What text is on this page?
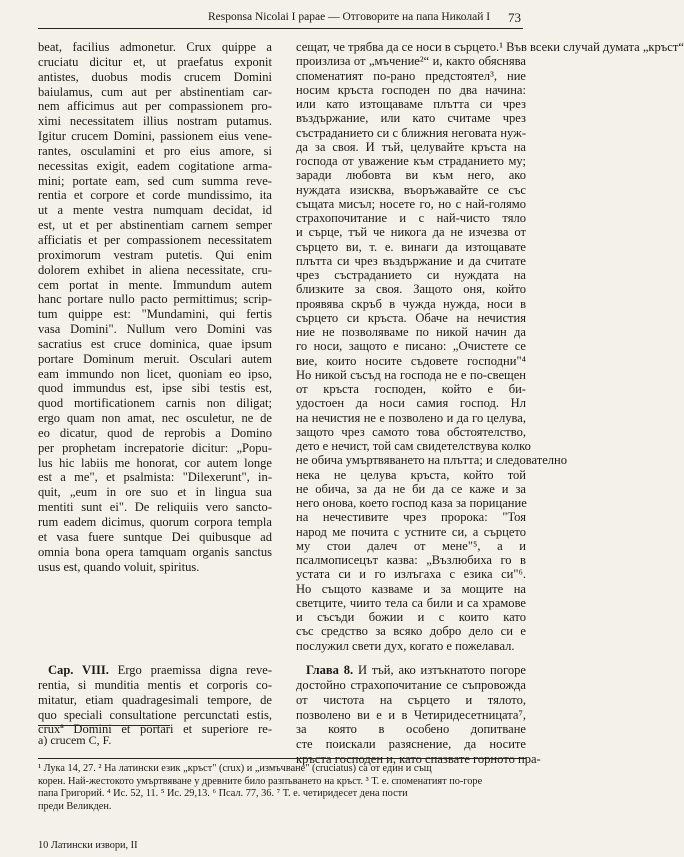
Responsa Nicolai I papae — Отговорите на папа Николай I 73
beat, facilius admonetur. Crux quippe a
cruciatu dicitur et, ut praefatus exponit
antistes, duobus modis crucem Domini
baiulamus, cum aut per abstinentiam car-
nem afficimus aut per compassionem pro-
ximi necessitatem illius nostram putamus.
Igitur crucem Domini, passionem eius vene-
rantes, osculamini et pro eius amore, si
necessitas exigit, eadem cogitatione arma-
mini; portate eam, sed cum summa reve-
rentia et corpore et corde mundissimo, ita
ut a mente vestra numquam decidat, id
est, ut et per abstinentiam carnem semper
afficiatis et per compassionem necessitatem
proximorum vestram putetis. Qui enim
dolorem exhibet in aliena necessitate, cru-
cem portat in mente. Immundum autem
hanc portare nullo pacto permittimus; scrip-
tum quippe est: "Mundamini, qui fertis
vasa Domini". Nullum vero Domini vas
sacratius est cruce dominica, quae ipsum
portare Dominum meruit. Osculari autem
eam immundo non licet, quoniam eo ipso,
quod immundus est, ipse sibi testis est,
quod mortificationem carnis non diligat;
ergo quam non amat, nec osculetur, ne de
eo dicatur, quod de reprobis a Domino
per prophetam increpatorie dicitur: „Popu-
lus hic labiis me honorat, cor autem longe
est a me", et psalmista: "Dilexerunt", in-
quit, „eum in ore suo et in lingua sua
mentiti sunt ei". De reliquiis vero sancto-
rum eadem dicimus, quorum corpora templa
et vasa fuere suntque Dei quibusque ad
omnia bona opera tamquam organis sanctus
usus est, quando voluit, spiritus.
сещат, че трябва да се носи в сърцето.¹ Във всеки случай думата „кръст“
произлиза от „мъчение²“ и, както обяснява
споменатият по-рано предстоятел³, ние
носим кръста господен по два начина:
или като изтощаваме плътта си чрез
въздържание, или като считаме чрез
състраданието си с ближния неговата нуж-
да за своя. И тъй, целувайте кръста на
господа от уважение към страданието му;
заради любовта ви към него, ако
нуждата изисква, въоръжавайте се със
същата мисъл; носете го, но с най-голямо
страхопочитание и с най-чисто тяло
и сърце, тъй че никога да не изчезва от
сърцето ви, т. е. винаги да изтощавате
плътта си чрез въздържание и да считате
чрез състраданието си нуждата на
близките за своя. Защото оня, който
проявява скръб в чужда нужда, носи в
сърцето си кръста. Обаче на нечистия
ние не позволяваме по никой начин да
го носи, защото е писано: „Очистете се
вие, които носите съдовете господни"⁴
Но никой съсъд на господа не е по-свещен
от кръста господен, който е би-
удостоен да носи самия господ. Нл
на нечистия не е позволено и да го целува,
защото чрез самото това обстоятелство,
дето е нечист, той сам свидетелствува колко
не обича умъртвяването на плътта; и следователно
нека не целува кръста, който той
не обича, за да не би да се каже и за
него онова, което господ каза за порицание
на нечестивите чрез пророка: "Тоя
народ ме почита с устните си, а сърцето
му стои далеч от мене"⁵, а и
псалмописецът казва: „Възлюбиха го в
устата си и го излъгаха с езика си"⁶.
Но същото казваме и за мощите на
светците, чиито тела са били и са храмове
и съсъди божии и с които като
със средство за всяко добро дело си е
послужил свети дух, когато е пожелавал.
Cap. VIII. Ergo praemissa digna reve-
rentia, si munditia mentis et corporis co-
mitatur, etiam quadragesimali tempore, de
quo speciali consultatione percunctati estis,
cruxª Domini et portari et superiore re-
Глава 8. И тъй, ако изтъкнатото погоре
достойно страхопочитание се съпровожда
от чистота на сърцето и тялото,
позволено ви е и в Четиридесетницата⁷,
за която в особено допитване
сте поискали разяснение, да носите
кръста господен и, като спазвате горното пра-
a) crucem C, F.
¹ Лука 14, 27. ² На латински език „кръст" (crux) и „измъчване" (cruciatus) са от един и същ
корен. Най-жестокото умъртвяване у древните било разпъването на кръст. ³ Т. е. споменатият по-горе
папа Григорий. ⁴ Ис. 52, 11. ⁵ Ис. 29,13. ⁶ Псал. 77, 36. ⁷ Т. е. четиридесет дена пости
преди Великден.
10 Латински извори, II
